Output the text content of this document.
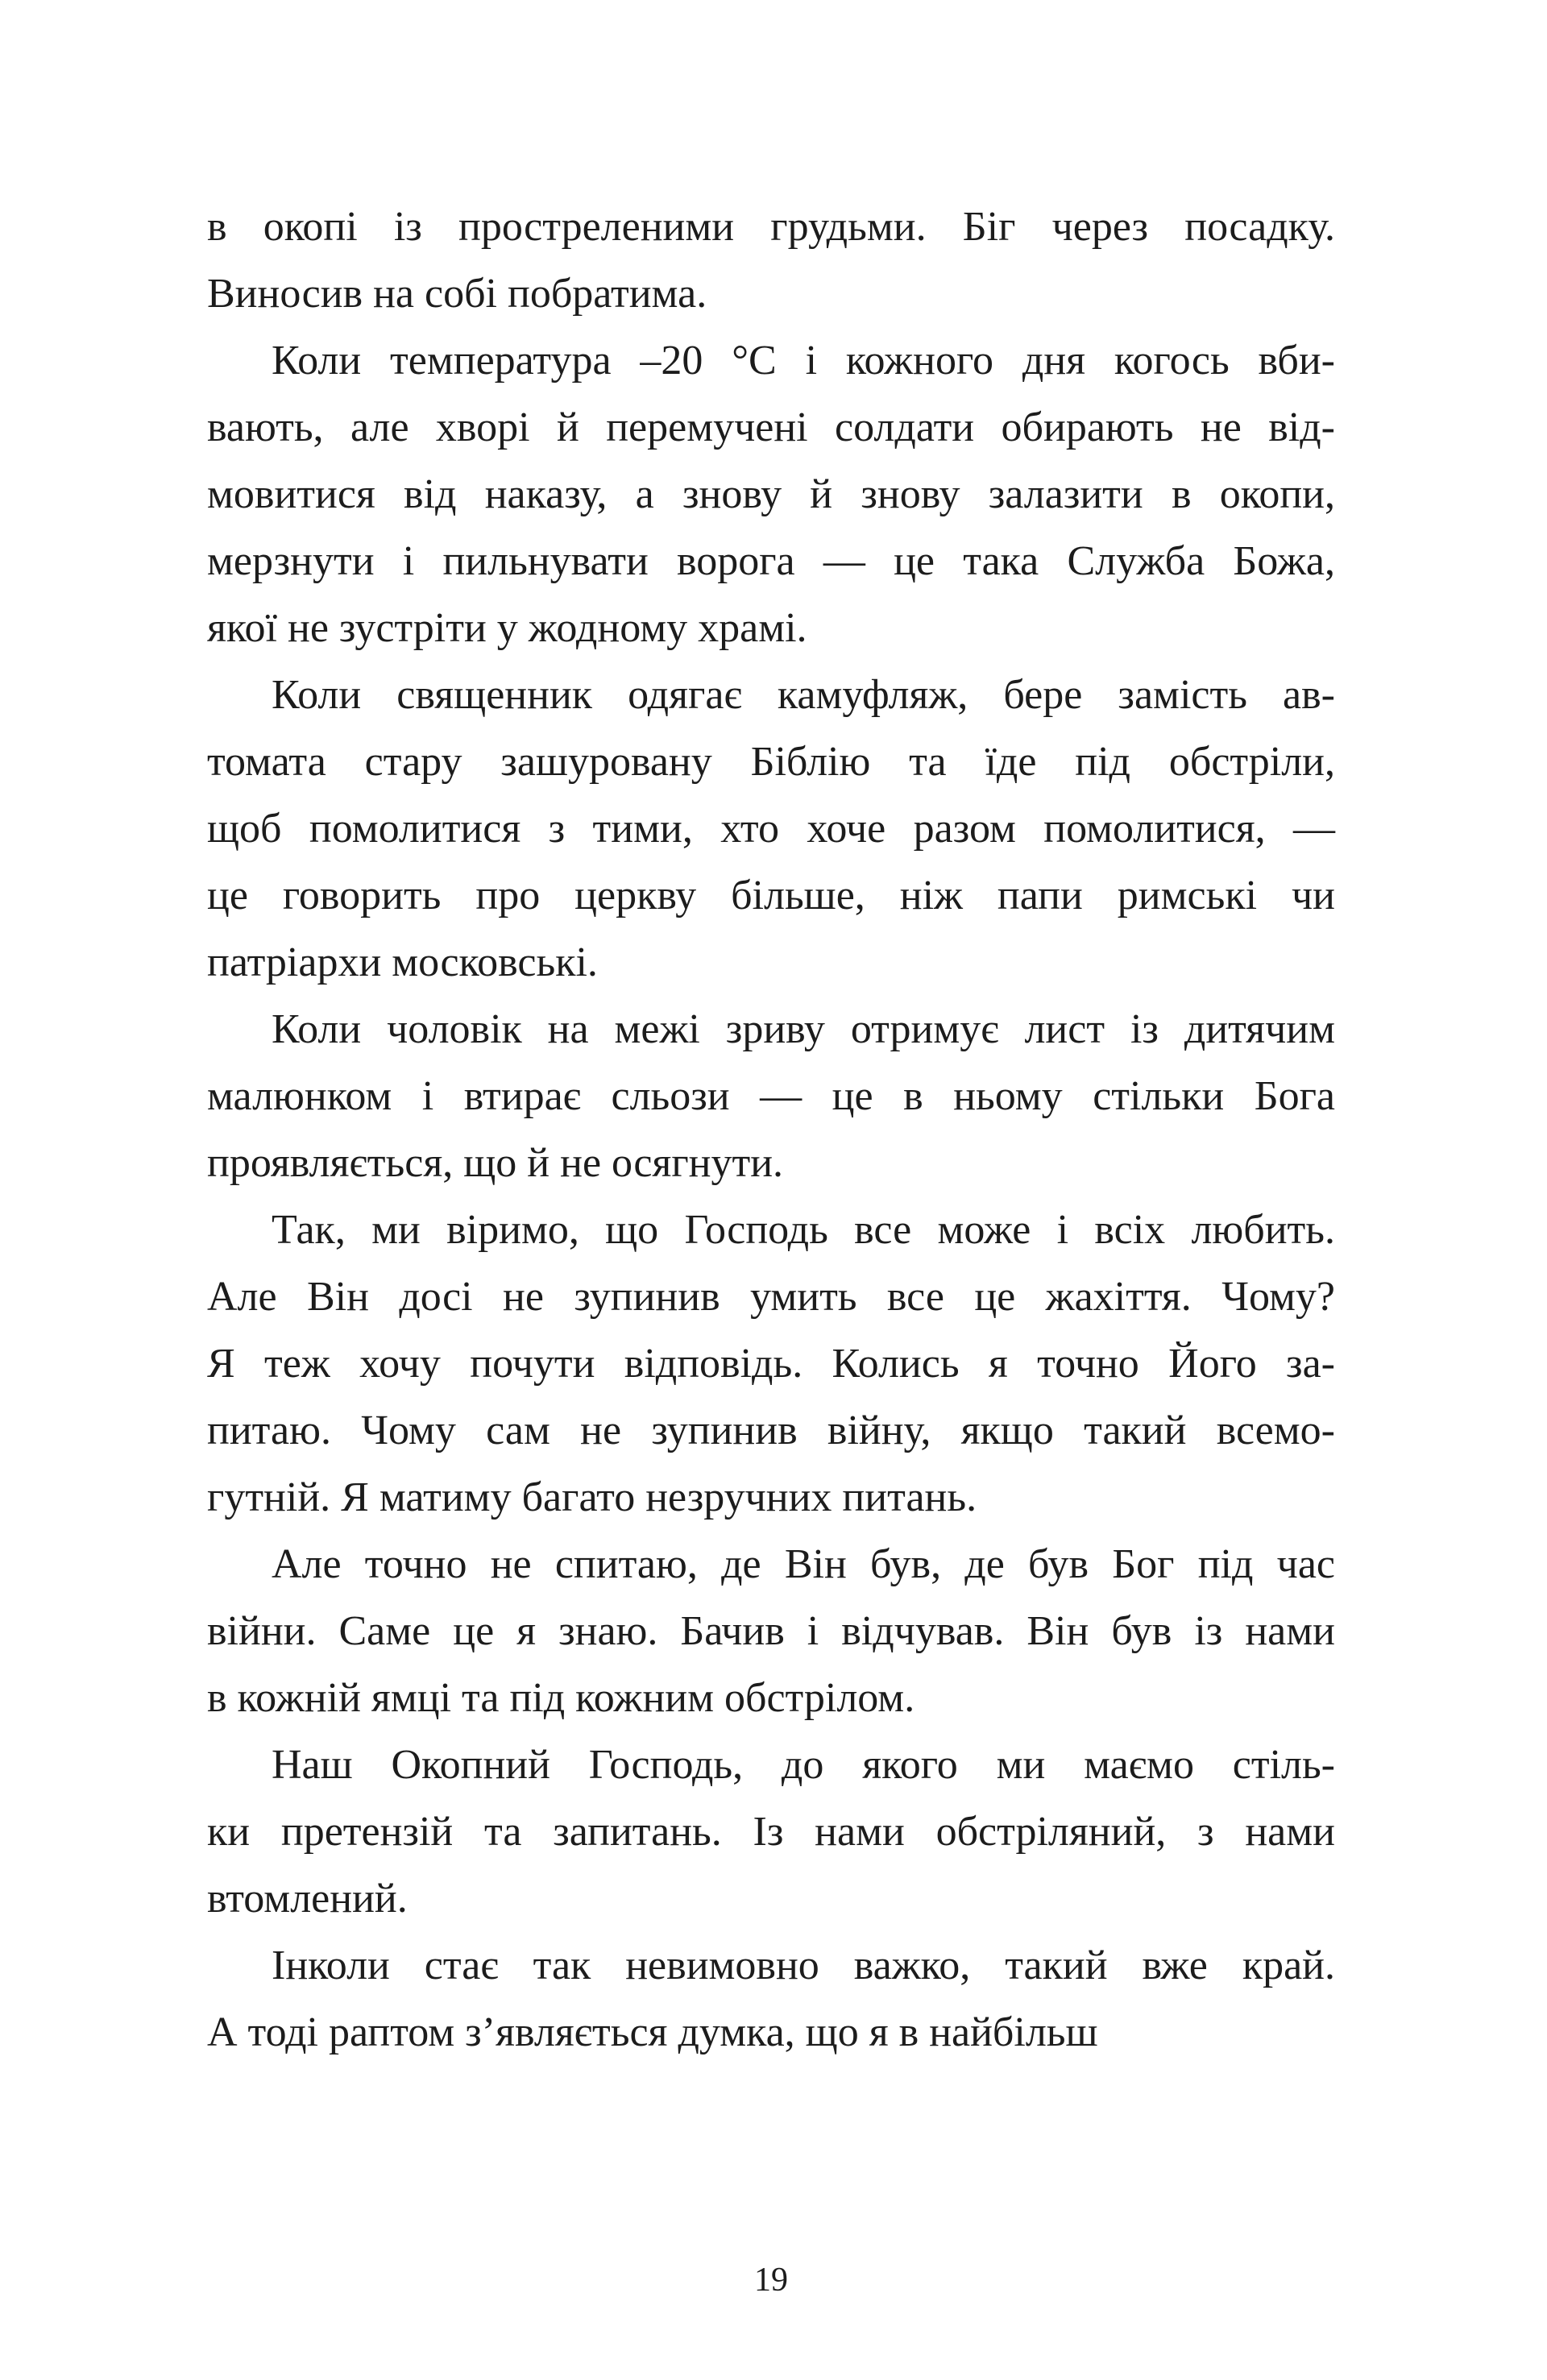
в окопі із простреленими грудьми. Біг через посадку.
Виносив на собі побратима.

Коли температура –20 °C і кожного дня когось вби-
вають, але хворі й перемучені солдати обирають не від-
мовитися від наказу, а знову й знову залазити в окопи,
мерзнути і пильнувати ворога — це така Служба Божа,
якої не зустріти у жодному храмі.

Коли священник одягає камуфляж, бере замість ав-
томата стару зашуровану Біблію та їде під обстріли,
щоб помолитися з тими, хто хоче разом помолитися, —
це говорить про церкву більше, ніж папи римські чи
патріархи московські.

Коли чоловік на межі зриву отримує лист із дитячим
малюнком і втирає сльози — це в ньому стільки Бога
проявляється, що й не осягнути.

Так, ми віримо, що Господь все може і всіх любить.
Але Він досі не зупинив умить все це жахіття. Чому?
Я теж хочу почути відповідь. Колись я точно Його за-
питаю. Чому сам не зупинив війну, якщо такий всемо-
гутній. Я матиму багато незручних питань.

Але точно не спитаю, де Він був, де був Бог під час
війни. Саме це я знаю. Бачив і відчував. Він був із нами
в кожній ямці та під кожним обстрілом.

Наш Окопний Господь, до якого ми маємо стіль-
ки претензій та запитань. Із нами обстріляний, з нами
втомлений.

Інколи стає так невимовно важко, такий вже край.
А тоді раптом з’являється думка, що я в найбільш

19
